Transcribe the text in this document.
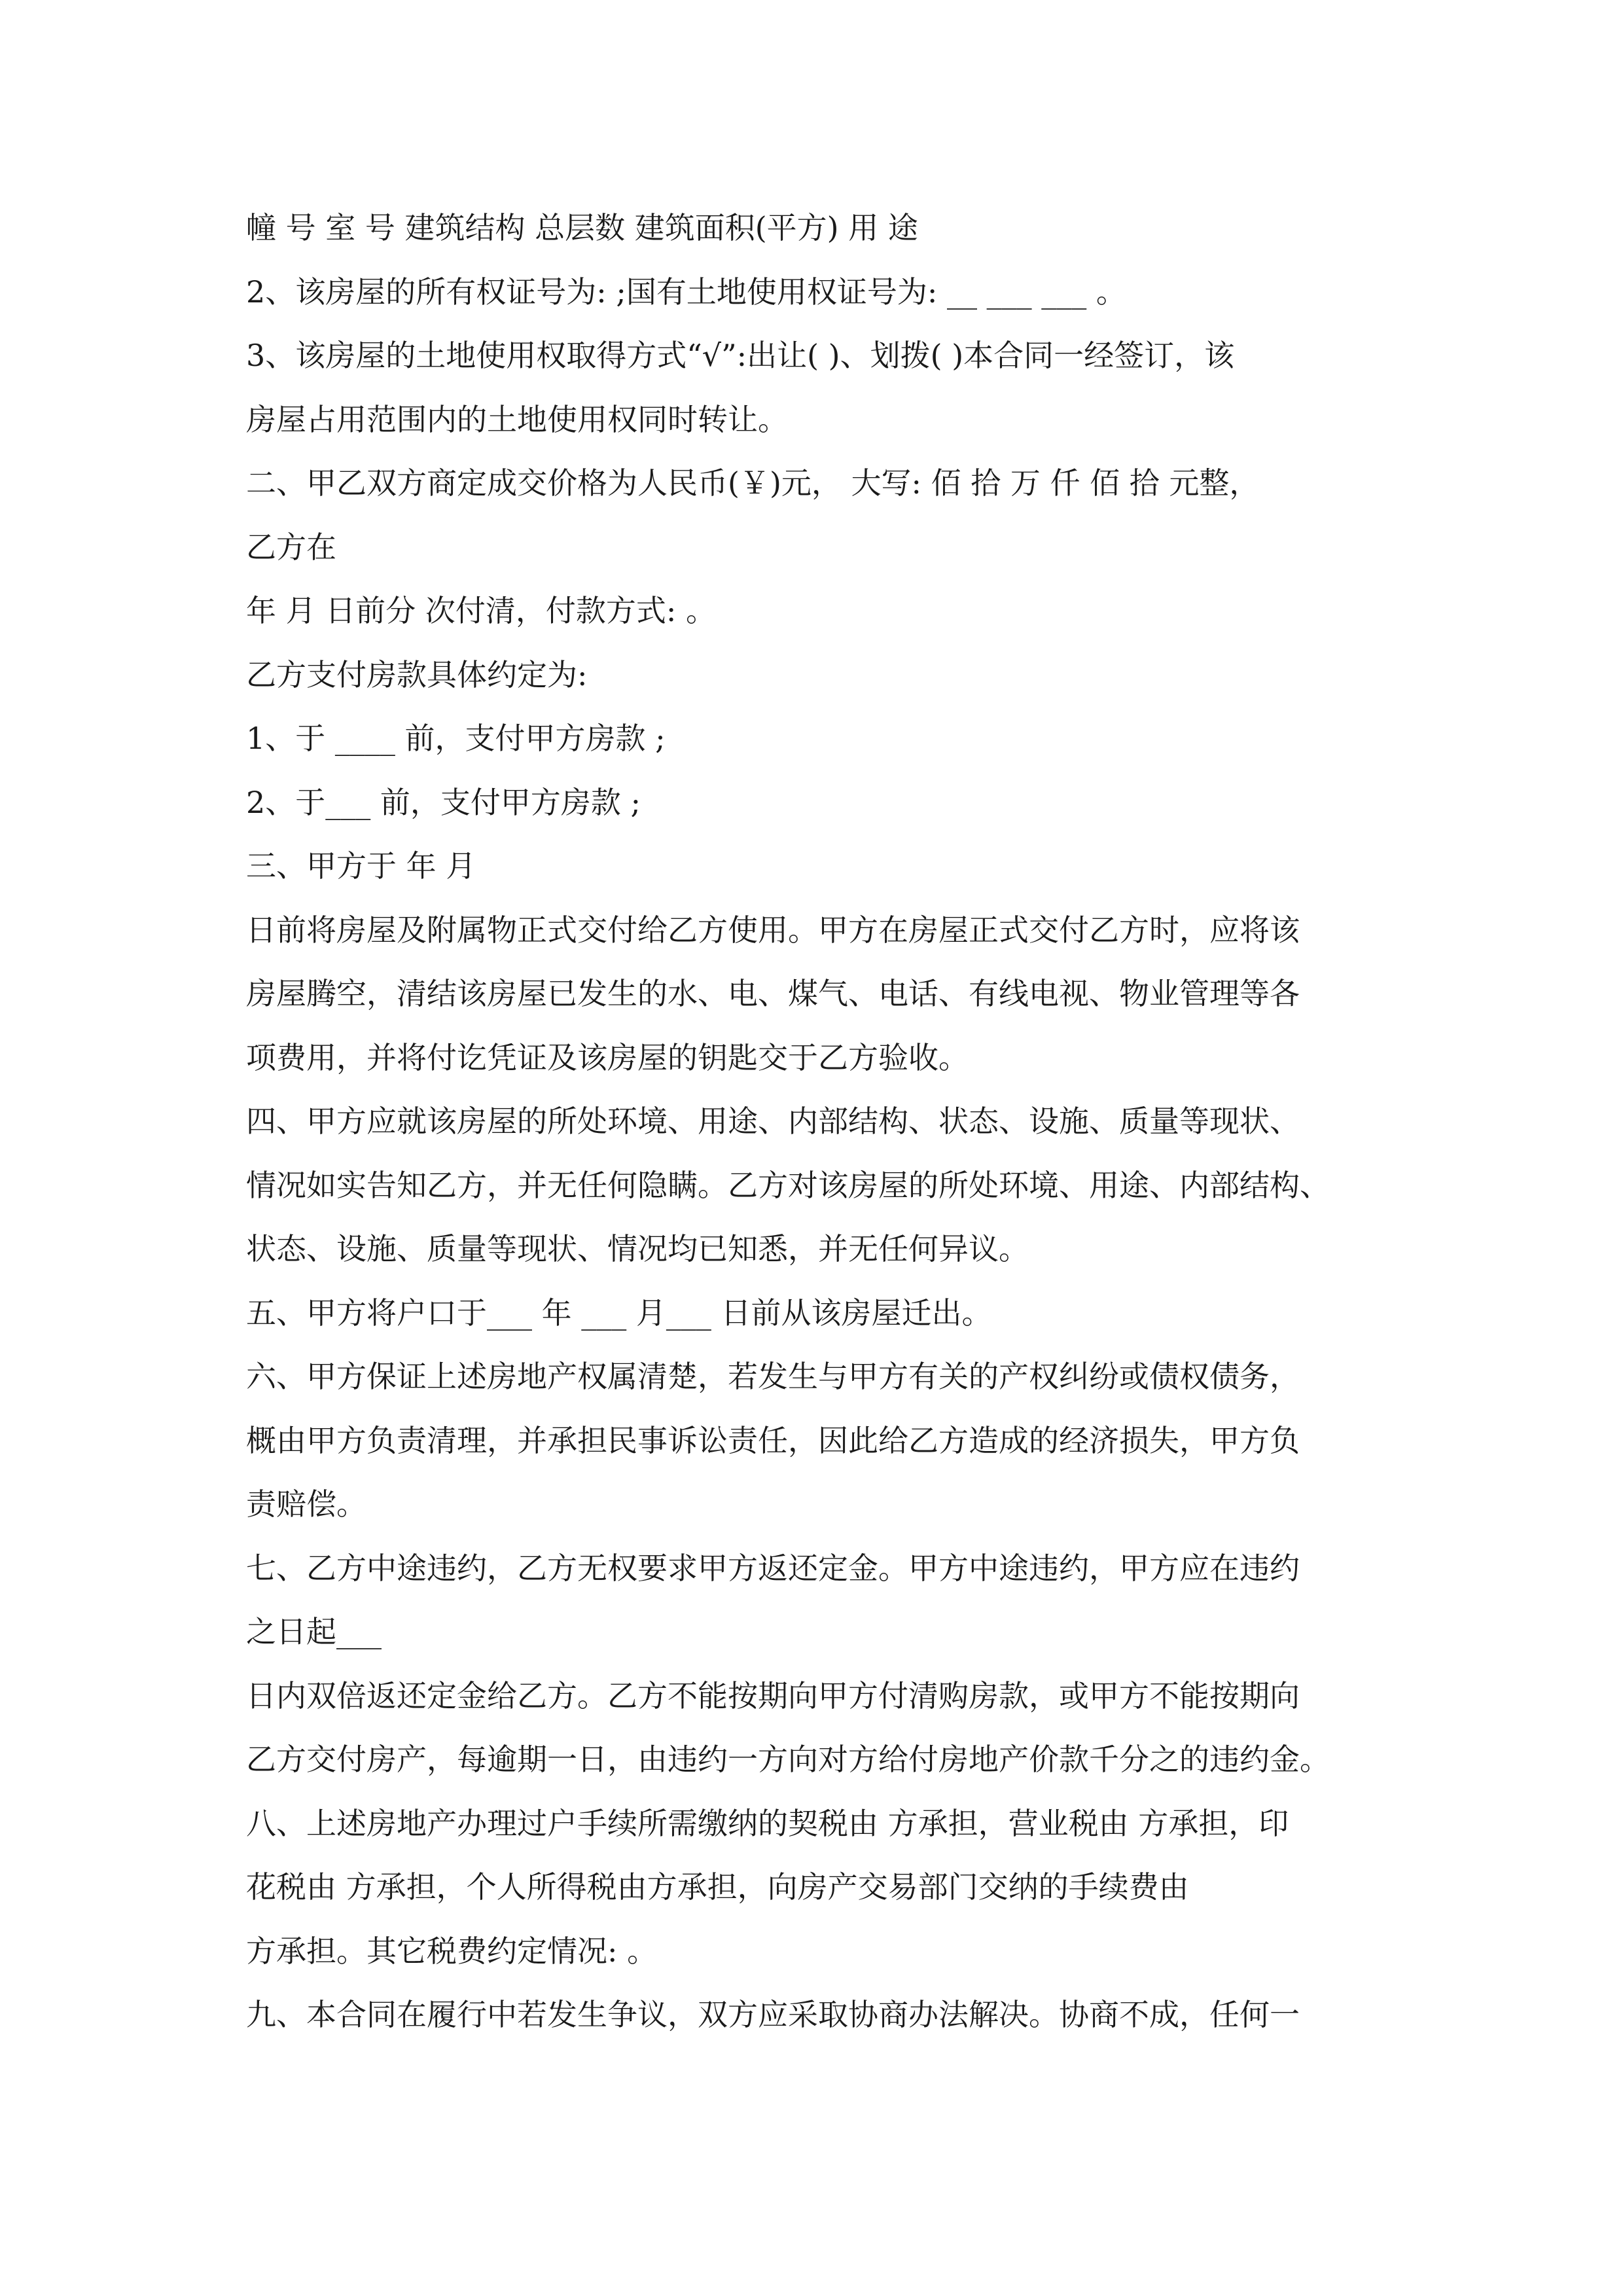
幢 号 室 号 建筑结构 总层数 建筑面积(平方) 用 途

2、该房屋的所有权证号为: ;国有土地使用权证号为: __ ___ ___ 。

3、该房屋的土地使用权取得方式“√”:出让( )、划拨( )本合同一经签订，该

房屋占用范围内的土地使用权同时转让。

二、甲乙双方商定成交价格为人民币(￥)元， 大写: 佰 拾 万 仟 佰 拾 元整，

乙方在

年 月 日前分 次付清，付款方式: 。

乙方支付房款具体约定为:

1、于 ____ 前，支付甲方房款 ;

2、于___ 前，支付甲方房款 ;

三、甲方于 年 月

日前将房屋及附属物正式交付给乙方使用。甲方在房屋正式交付乙方时，应将该

房屋腾空，清结该房屋已发生的水、电、煤气、电话、有线电视、物业管理等各

项费用，并将付讫凭证及该房屋的钥匙交于乙方验收。

四、甲方应就该房屋的所处环境、用途、内部结构、状态、设施、质量等现状、

情况如实告知乙方，并无任何隐瞒。乙方对该房屋的所处环境、用途、内部结构、

状态、设施、质量等现状、情况均已知悉，并无任何异议。

五、甲方将户口于___ 年 ___ 月___ 日前从该房屋迁出。

六、甲方保证上述房地产权属清楚，若发生与甲方有关的产权纠纷或债权债务，

概由甲方负责清理，并承担民事诉讼责任，因此给乙方造成的经济损失，甲方负

责赔偿。

七、乙方中途违约，乙方无权要求甲方返还定金。甲方中途违约，甲方应在违约

之日起___

日内双倍返还定金给乙方。乙方不能按期向甲方付清购房款，或甲方不能按期向

乙方交付房产，每逾期一日，由违约一方向对方给付房地产价款千分之的违约金。

八、上述房地产办理过户手续所需缴纳的契税由 方承担，营业税由 方承担，印

花税由 方承担，个人所得税由方承担，向房产交易部门交纳的手续费由

方承担。其它税费约定情况: 。

九、本合同在履行中若发生争议，双方应采取协商办法解决。协商不成，任何一
